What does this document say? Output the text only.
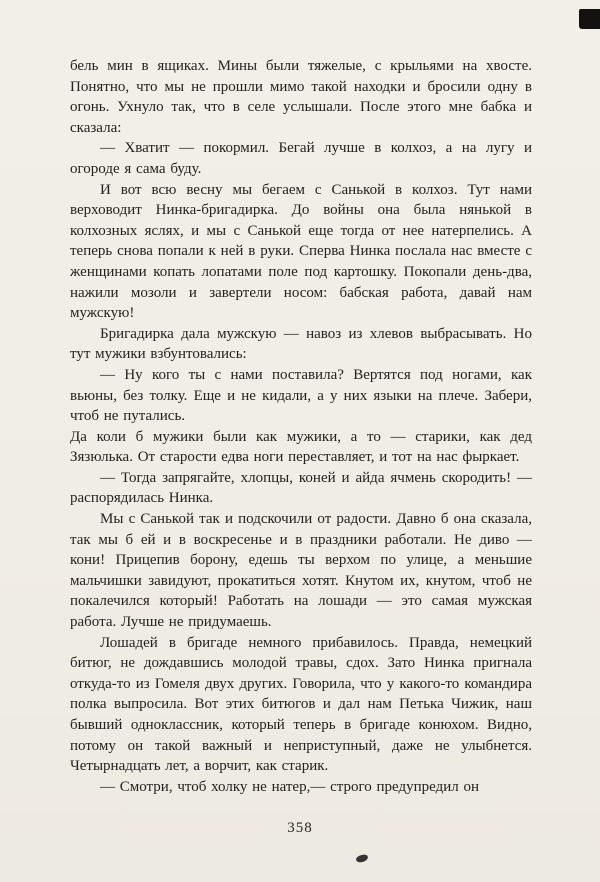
бель мин в ящиках. Мины были тяжелые, с крыльями на хвосте. Понятно, что мы не прошли мимо такой находки и бросили одну в огонь. Ухнуло так, что в селе услышали. После этого мне бабка и сказала:

— Хватит — покормил. Бегай лучше в колхоз, а на лугу и огороде я сама буду.

И вот всю весну мы бегаем с Санькой в колхоз. Тут нами верховодит Нинка-бригадирка. До войны она была нянькой в колхозных яслях, и мы с Санькой еще тогда от нее натерпелись. А теперь снова попали к ней в руки. Сперва Нинка послала нас вместе с женщинами копать лопатами поле под картошку. Покопали день-два, нажили мозоли и завертели носом: бабская работа, давай нам мужскую!

Бригадирка дала мужскую — навоз из хлевов выбрасывать. Но тут мужики взбунтовались:

— Ну кого ты с нами поставила? Вертятся под ногами, как вьюны, без толку. Еще и не кидали, а у них языки на плече. Забери, чтоб не путались.

Да коли б мужики были как мужики, а то — старики, как дед Зязюлька. От старости едва ноги переставляет, и тот на нас фыркает.

— Тогда запрягайте, хлопцы, коней и айда ячмень скородить! — распорядилась Нинка.

Мы с Санькой так и подскочили от радости. Давно б она сказала, так мы б ей и в воскресенье и в праздники работали. Не диво — кони! Прицепив борону, едешь ты верхом по улице, а меньшие мальчишки завидуют, прокатиться хотят. Кнутом их, кнутом, чтоб не покалечился который! Работать на лошади — это самая мужская работа. Лучше не придумаешь.

Лошадей в бригаде немного прибавилось. Правда, немецкий битюг, не дождавшись молодой травы, сдох. Зато Нинка пригнала откуда-то из Гомеля двух других. Говорила, что у какого-то командира полка выпросила. Вот этих битюгов и дал нам Петька Чижик, наш бывший одноклассник, который теперь в бригаде конюхом. Видно, потому он такой важный и неприступный, даже не улыбнется. Четырнадцать лет, а ворчит, как старик.

— Смотри, чтоб холку не натер,— строго предупредил он

358
